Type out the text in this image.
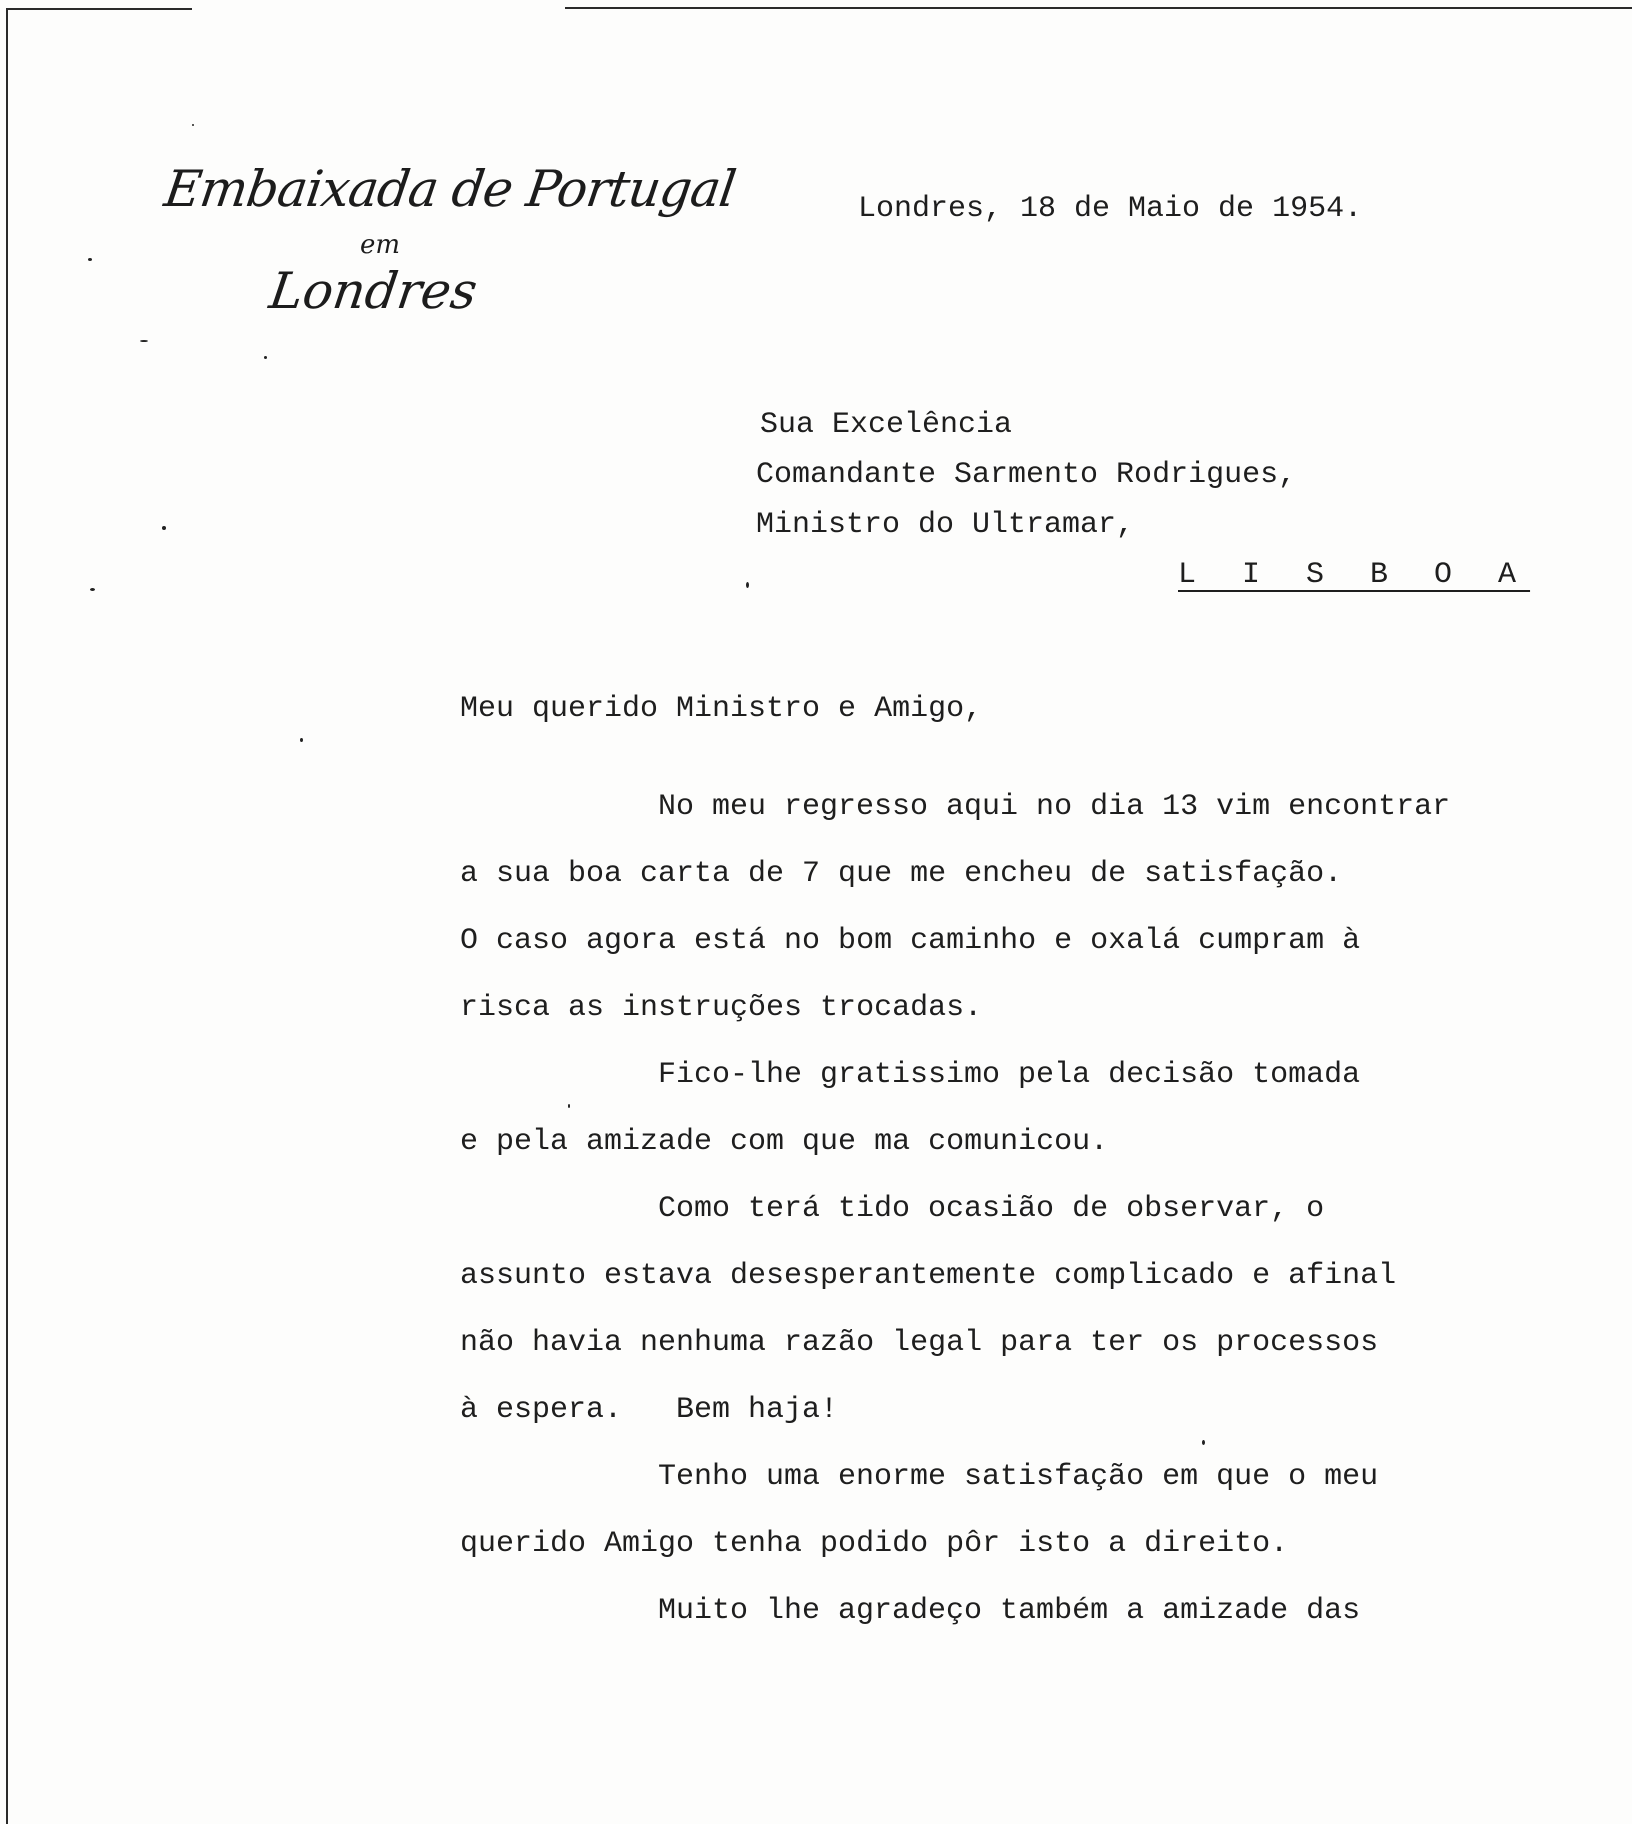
Embaixada de Portugal
em
Londres
Londres, 18 de Maio de 1954.
Sua Excelência
Comandante Sarmento Rodrigues,
Ministro do Ultramar,
L I S B O A
Meu querido Ministro e Amigo,
No meu regresso aqui no dia 13 vim encontrar
a sua boa carta de 7 que me encheu de satisfação.
O caso agora está no bom caminho e oxalá cumpram à
risca as instruções trocadas.
Fico-lhe gratissimo pela decisão tomada
e pela amizade com que ma comunicou.
Como terá tido ocasião de observar, o
assunto estava desesperantemente complicado e afinal
não havia nenhuma razão legal para ter os processos
à espera.   Bem haja!
Tenho uma enorme satisfação em que o meu
querido Amigo tenha podido pôr isto a direito.
Muito lhe agradeço também a amizade das
